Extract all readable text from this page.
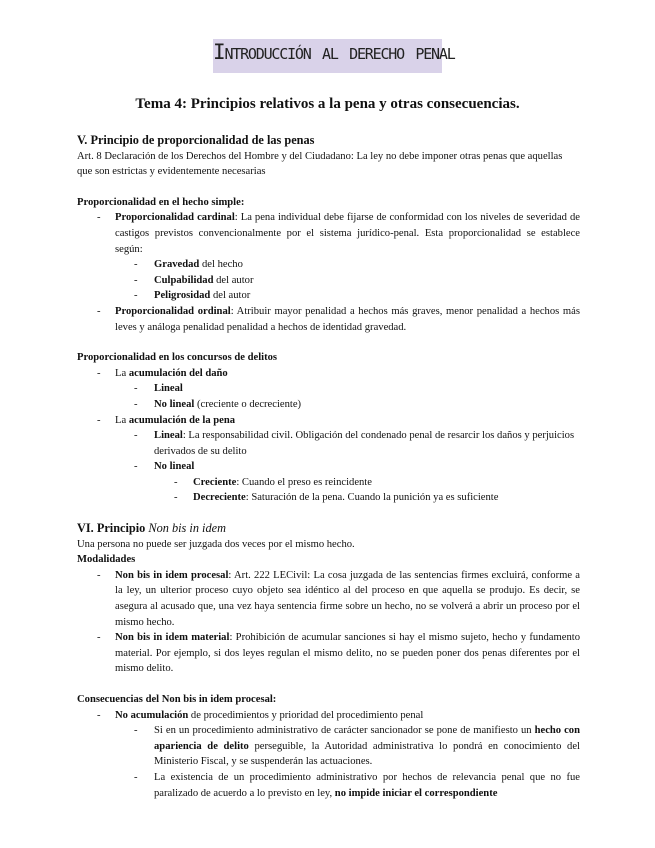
Introducción al derecho penal
Tema 4: Principios relativos a la pena y otras consecuencias.

V. Principio de proporcionalidad de las penas

Art. 8 Declaración de los Derechos del Hombre y del Ciudadano: La ley no debe imponer otras penas que aquellas que son estrictas y evidentemente necesarias

Proporcionalidad en el hecho simple:

- Proporcionalidad cardinal: La pena individual debe fijarse de conformidad con los niveles de severidad de castigos previstos convencionalmente por el sistema jurídico-penal. Esta proporcionalidad se establece según:
- Gravedad del hecho
- Culpabilidad del autor
- Peligrosidad del autor
- Proporcionalidad ordinal: Atribuir mayor penalidad a hechos más graves, menor penalidad a hechos más leves y análoga penalidad penalidad a hechos de identidad gravedad.

Proporcionalidad en los concursos de delitos

- La acumulación del daño
- Lineal
- No lineal (creciente o decreciente)
- La acumulación de la pena
- Lineal: La responsabilidad civil. Obligación del condenado penal de resarcir los daños y perjuicios derivados de su delito
- No lineal
- Creciente: Cuando el preso es reincidente
- Decreciente: Saturación de la pena. Cuando la punición ya es suficiente

VI. Principio Non bis in idem

Una persona no puede ser juzgada dos veces por el mismo hecho.

Modalidades

- Non bis in idem procesal: Art. 222 LECivil: La cosa juzgada de las sentencias firmes excluirá, conforme a la ley, un ulterior proceso cuyo objeto sea idéntico al del proceso en que aquella se produjo. Es decir, se asegura al acusado que, una vez haya sentencia firme sobre un hecho, no se volverá a abrir un proceso por el mismo hecho.
- Non bis in idem material: Prohibición de acumular sanciones si hay el mismo sujeto, hecho y fundamento material. Por ejemplo, si dos leyes regulan el mismo delito, no se pueden poner dos penas diferentes por el mismo delito.

Consecuencias del Non bis in idem procesal:

- No acumulación de procedimientos y prioridad del procedimiento penal
- Si en un procedimiento administrativo de carácter sancionador se pone de manifiesto un hecho con apariencia de delito perseguible, la Autoridad administrativa lo pondrá en conocimiento del Ministerio Fiscal, y se suspenderán las actuaciones.
- La existencia de un procedimiento administrativo por hechos de relevancia penal que no fue paralizado de acuerdo a lo previsto en ley, no impide iniciar el correspondiente
